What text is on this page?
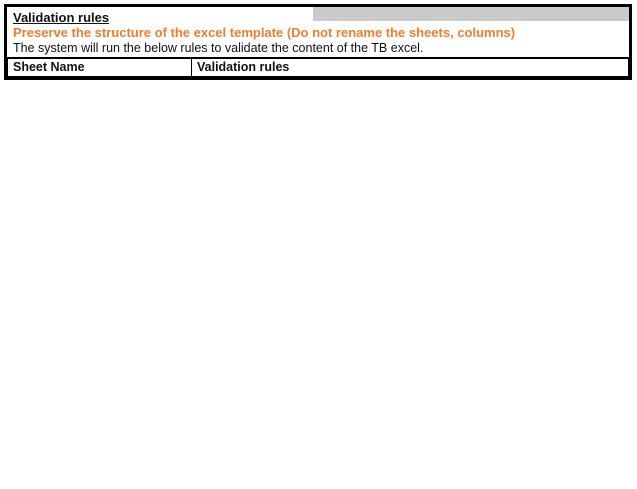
Validation rules
Preserve the structure of the excel template (Do not rename the sheets, columns)
The system will run the below rules to validate the content of the TB excel.
Sheet Name	Validation rules
